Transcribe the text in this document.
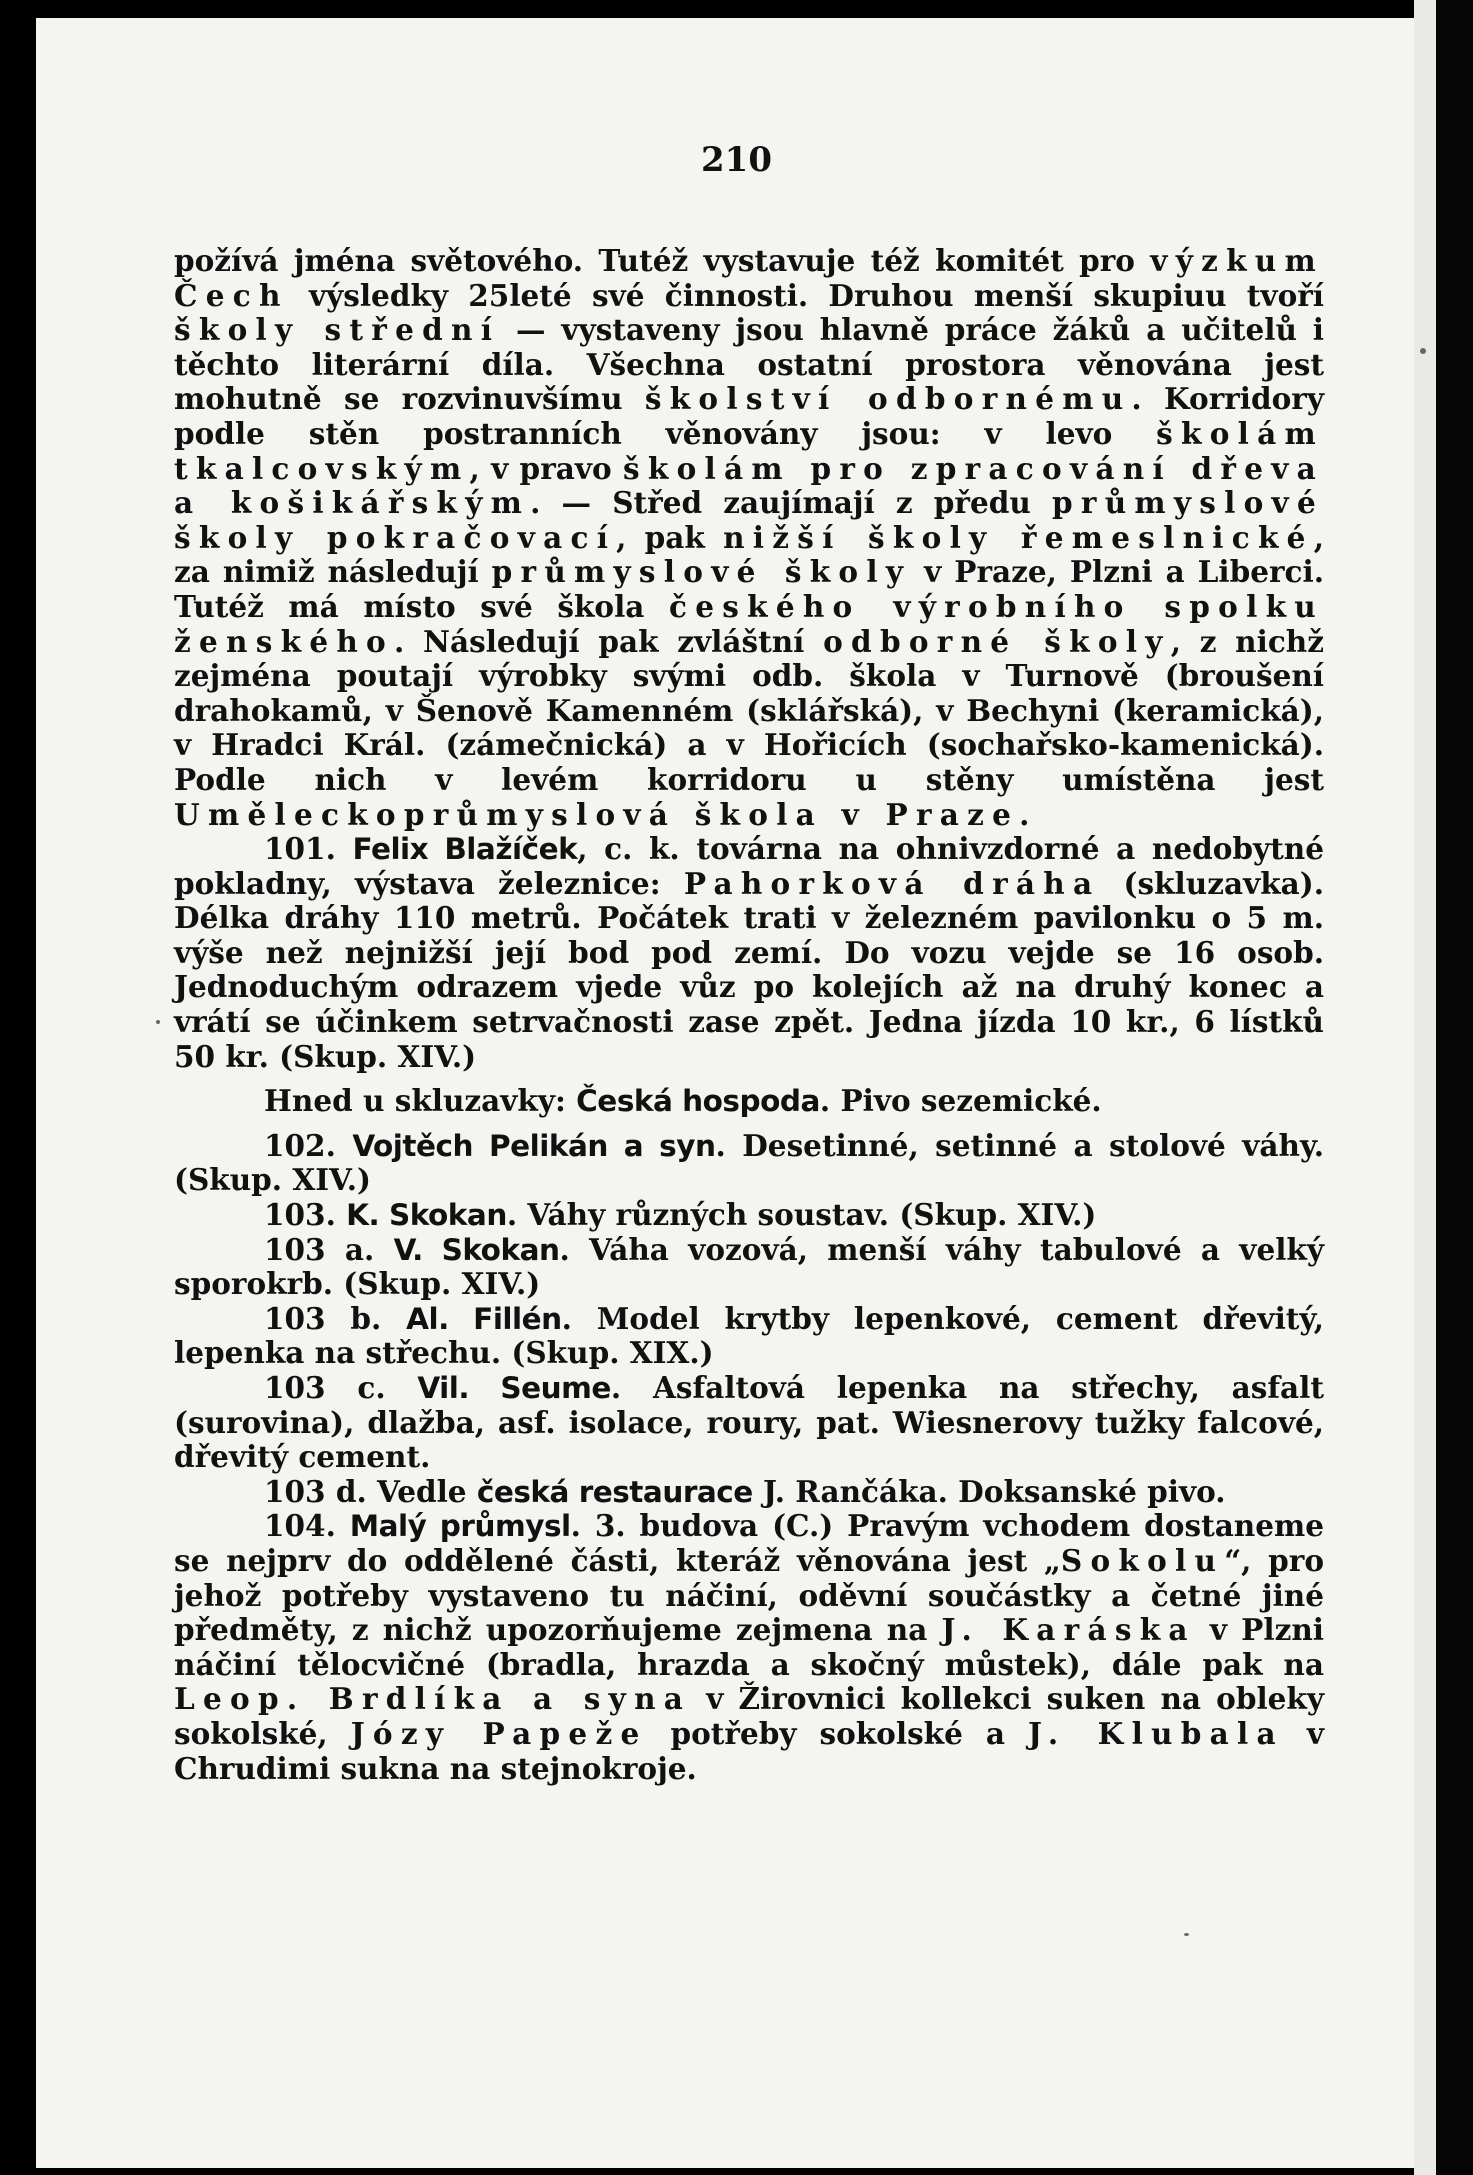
210

požívá jména světového. Tutéž vystavuje též komitét pro výzkum Čech výsledky 25leté své činnosti. Druhou menší skupiuu tvoří školy střední — vystaveny jsou hlavně práce žáků a učitelů i těchto literární díla. Všechna ostatní prostora věnována jest mohutně se rozvinuvšímu školství odbornému. Korridory podle stěn postranních věnovány jsou: v levo školám tkalcovským, v pravo školám pro zpracování dřeva a košikářským. — Střed zaujímají z předu průmyslové školy pokračovací, pak nižší školy řemeslnické, za nimiž následují průmyslové školy v Praze, Plzni a Liberci. Tutéž má místo své škola českého výrobního spolku ženského. Následují pak zvláštní odborné školy, z nichž zejména poutají výrobky svými odb. škola v Turnově (broušení drahokamů, v Šenově Kamenném (sklářská), v Bechyni (keramická), v Hradci Král. (zámečnická) a v Hořicích (sochařsko-kamenická). Podle nich v levém korridoru u stěny umístěna jest Uměleckoprůmyslová škola v Praze.

101. Felix Blažíček, c. k. továrna na ohnivzdorné a nedobytné pokladny, výstava železnice: Pahorková dráha (skluzavka). Délka dráhy 110 metrů. Počátek trati v železném pavilonku o 5 m. výše než nejnižší její bod pod zemí. Do vozu vejde se 16 osob. Jednoduchým odrazem vjede vůz po kolejích až na druhý konec a vrátí se účinkem setrvačnosti zase zpět. Jedna jízda 10 kr., 6 lístků 50 kr. (Skup. XIV.)

Hned u skluzavky: Česká hospoda. Pivo sezemické.

102. Vojtěch Pelikán a syn. Desetinné, setinné a stolové váhy. (Skup. XIV.)

103. K. Skokan. Váhy různých soustav. (Skup. XIV.)

103 a. V. Skokan. Váha vozová, menší váhy tabulové a velký sporokrb. (Skup. XIV.)

103 b. Al. Fillén. Model krytby lepenkové, cement dřevitý, lepenka na střechu. (Skup. XIX.)

103 c. Vil. Seume. Asfaltová lepenka na střechy, asfalt (surovina), dlažba, asf. isolace, roury, pat. Wiesnerovy tužky falcové, dřevitý cement.

103 d. Vedle česká restaurace J. Rančáka. Doksanské pivo.

104. Malý průmysl. 3. budova (C.) Pravým vchodem dostaneme se nejprv do oddělené části, kteráž věnována jest „Sokolu“, pro jehož potřeby vystaveno tu náčiní, oděvní součástky a četné jiné předměty, z nichž upozorňujeme zejmena na J. Karáska v Plzni náčiní tělocvičné (bradla, hrazda a skočný můstek), dále pak na Leop. Brdlíka a syna v Žirovnici kollekci suken na obleky sokolské, Józy Papeže potřeby sokolské a J. Klubala v Chrudimi sukna na stejnokroje.
